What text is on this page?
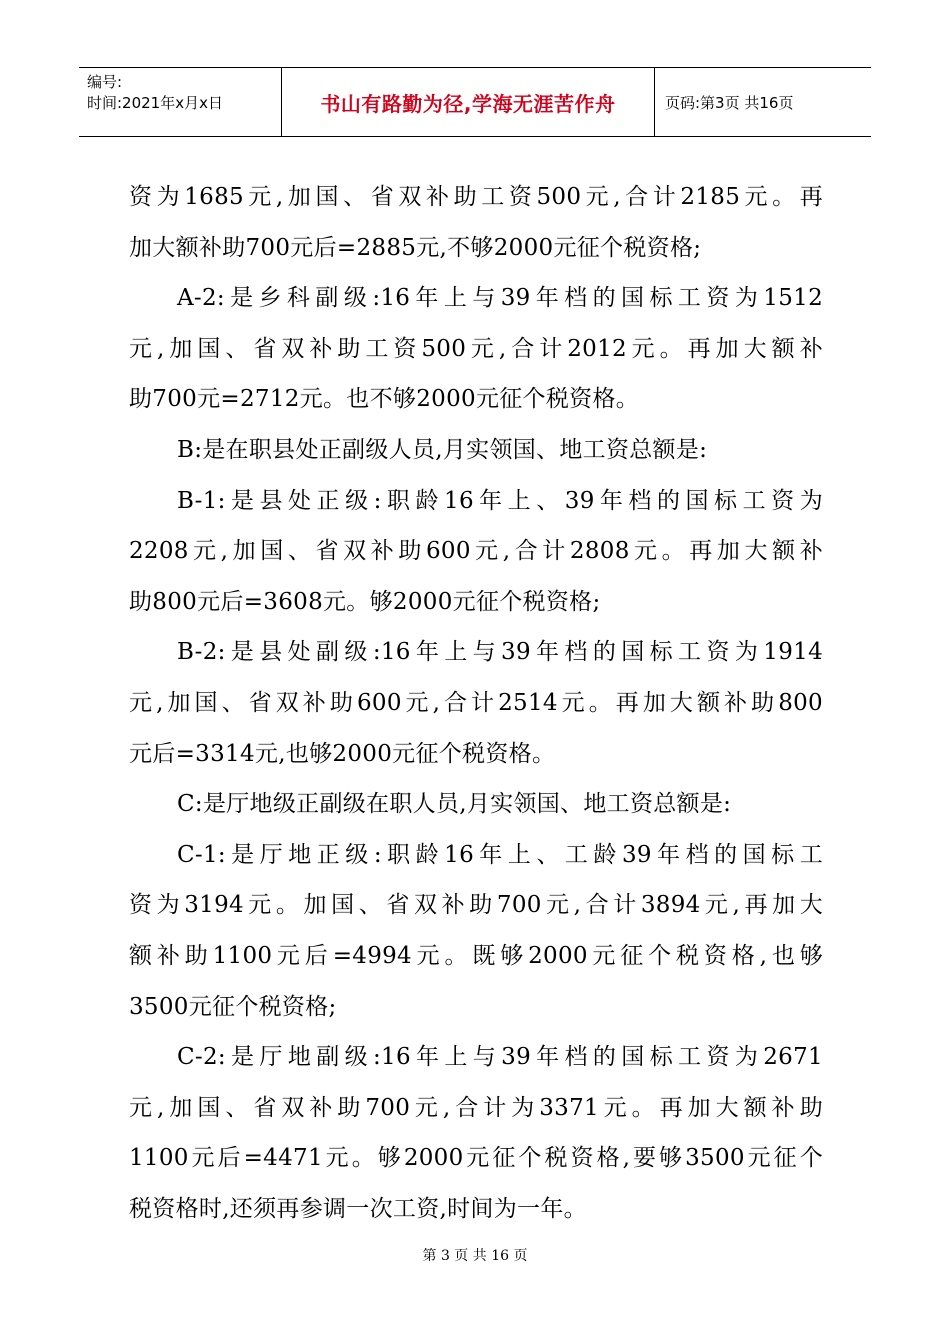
编号:
时间:2021年x月x日	书山有路勤为径,学海无涯苦作舟	页码:第3页 共16页
资为1685元,加国、省双补助工资500元,合计2185元。再
加大额补助700元后=2885元,不够2000元征个税资格;
A-2:是乡科副级:16年上与39年档的国标工资为1512
元,加国、省双补助工资500元,合计2012元。再加大额补
助700元=2712元。也不够2000元征个税资格。
B:是在职县处正副级人员,月实领国、地工资总额是:
B-1:是县处正级:职龄16年上、39年档的国标工资为
2208元,加国、省双补助600元,合计2808元。再加大额补
助800元后=3608元。够2000元征个税资格;
B-2:是县处副级:16年上与39年档的国标工资为1914
元,加国、省双补助600元,合计2514元。再加大额补助800
元后=3314元,也够2000元征个税资格。
C:是厅地级正副级在职人员,月实领国、地工资总额是:
C-1:是厅地正级:职龄16年上、工龄39年档的国标工
资为3194元。加国、省双补助700元,合计3894元,再加大
额补助1100元后=4994元。既够2000元征个税资格,也够
3500元征个税资格;
C-2:是厅地副级:16年上与39年档的国标工资为2671
元,加国、省双补助700元,合计为3371元。再加大额补助
1100元后=4471元。够2000元征个税资格,要够3500元征个
税资格时,还须再参调一次工资,时间为一年。
第 3 页 共 16 页
